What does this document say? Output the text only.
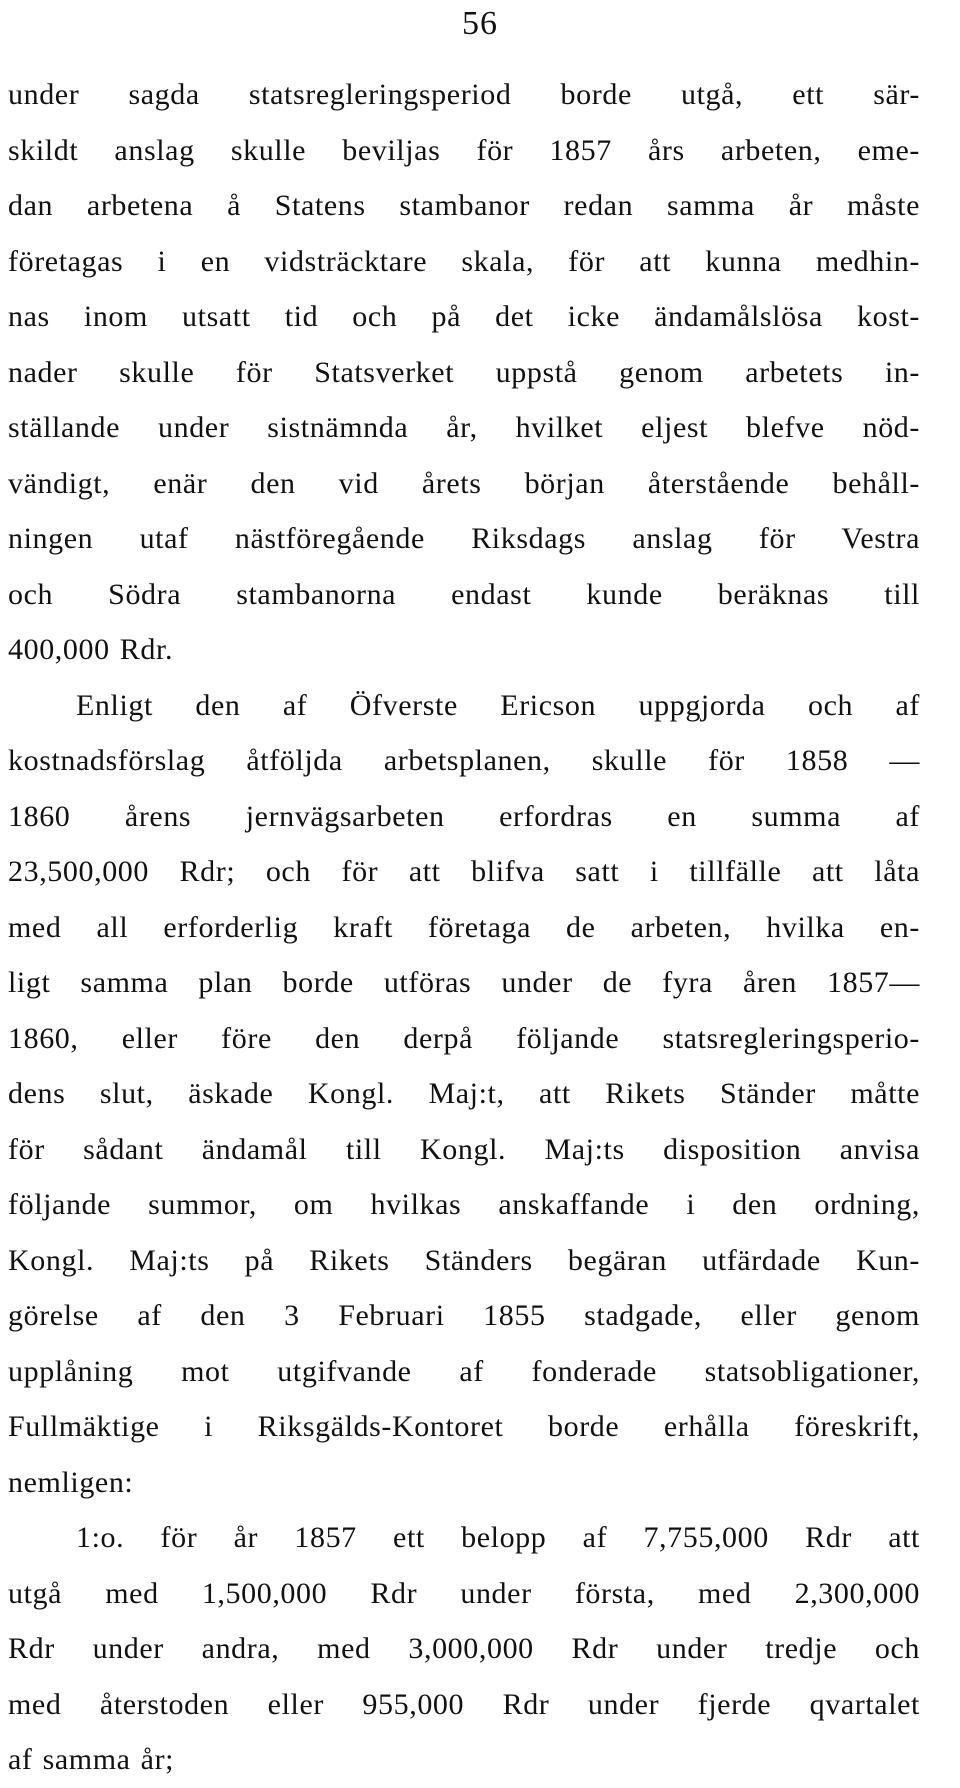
56
under sagda statsregleringsperiod borde utgå, ett sär-
skildt anslag skulle beviljas för 1857 års arbeten, eme-
dan arbetena å Statens stambanor redan samma år måste
företagas i en vidsträcktare skala, för att kunna medhin-
nas inom utsatt tid och på det icke ändamålslösa kost-
nader skulle för Statsverket uppstå genom arbetets in-
ställande under sistnämnda år, hvilket eljest blefve nöd-
vändigt, enär den vid årets början återstående behåll-
ningen utaf nästföregående Riksdags anslag för Vestra
och Södra stambanorna endast kunde beräknas till
400,000 Rdr.
Enligt den af Öfverste Ericson uppgjorda och af
kostnadsförslag åtföljda arbetsplanen, skulle för 1858 —
1860 årens jernvägsarbeten erfordras en summa af
23,500,000 Rdr; och för att blifva satt i tillfälle att låta
med all erforderlig kraft företaga de arbeten, hvilka en-
ligt samma plan borde utföras under de fyra åren 1857—
1860, eller före den derpå följande statsregleringsperio-
dens slut, äskade Kongl. Maj:t, att Rikets Ständer måtte
för sådant ändamål till Kongl. Maj:ts disposition anvisa
följande summor, om hvilkas anskaffande i den ordning,
Kongl. Maj:ts på Rikets Ständers begäran utfärdade Kun-
görelse af den 3 Februari 1855 stadgade, eller genom
upplåning mot utgifvande af fonderade statsobligationer,
Fullmäktige i Riksgälds-Kontoret borde erhålla föreskrift,
nemligen:
1:o. för år 1857 ett belopp af 7,755,000 Rdr att
utgå med 1,500,000 Rdr under första, med 2,300,000
Rdr under andra, med 3,000,000 Rdr under tredje och
med återstoden eller 955,000 Rdr under fjerde qvartalet
af samma år;
